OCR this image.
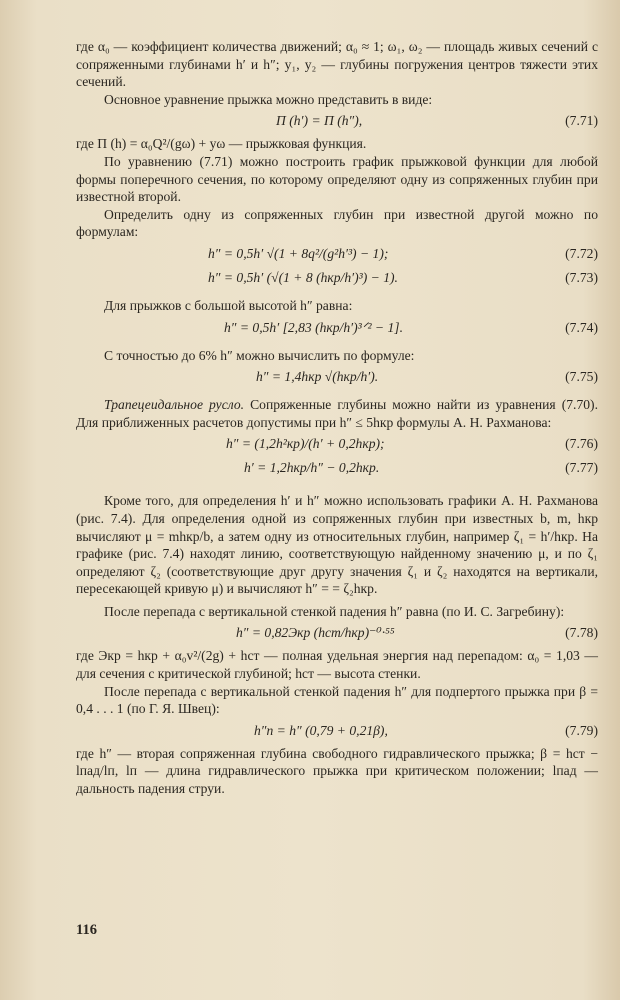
где α₀ — коэффициент количества движений; α₀ ≈ 1; ω₁, ω₂ — площадь живых сечений с сопряженными глубинами h′ и h″; y₁, y₂ — глубины погружения центров тяжести этих сечений.

Основное уравнение прыжка можно представить в виде:

П (h′) = П (h″),	(7.71)

где П (h) = α₀Q²/(gω) + yω — прыжковая функция.

По уравнению (7.71) можно построить график прыжковой функции для любой формы поперечного сечения, по которому определяют одну из сопряженных глубин при известной второй.

Определить одну из сопряженных глубин при известной другой можно по формулам:

h″ = 0,5h′ √(1 + 8q²/(g²h′³) − 1);	(7.72)
h″ = 0,5h′ (√(1 + 8 (hкр/h′)³) − 1).	(7.73)

Для прыжков с большой высотой h″ равна:

h″ = 0,5h′ [2,83 (hкр/h′)³ᐟ² − 1].	(7.74)

С точностью до 6% h″ можно вычислить по формуле:

h″ = 1,4hкр √(hкр/h′).	(7.75)

Трапецеидальное русло. Сопряженные глубины можно найти из уравнения (7.70). Для приближенных расчетов допустимы при h″ ≤ 5hкр формулы А. Н. Рахманова:

h″ = (1,2h²кр)/(h′ + 0,2hкр);	(7.76)
h′ = 1,2hкр/h″ − 0,2hкр.	(7.77)

Кроме того, для определения h′ и h″ можно использовать графики А. Н. Рахманова (рис. 7.4). Для определения одной из сопряженных глубин при известных b, m, hкр вычисляют μ = mhкр/b, а затем одну из относительных глубин, например ζ₁ = h′/hкр. На графике (рис. 7.4) находят линию, соответствующую найденному значению μ, и по ζ₁ определяют ζ₂ (соответствующие друг другу значения ζ₁ и ζ₂ находятся на вертикали, пересекающей кривую μ) и вычисляют h″ = = ζ₂hкр.

После перепада с вертикальной стенкой падения h″ равна (по И. С. Загребину):

h″ = 0,82Экр (hст/hкр)⁻⁰·⁵⁵	(7.78)

где Экр = hкр + α₀v²/(2g) + hст — полная удельная энергия над перепадом: α₀ = 1,03 — для сечения с критической глубиной; hст — высота стенки.

После перепада с вертикальной стенкой падения h″ для подпертого прыжка при β = 0,4 . . . 1 (по Г. Я. Швец):

h″п = h″ (0,79 + 0,21β),	(7.79)

где h″ — вторая сопряженная глубина свободного гидравлического прыжка; β = hст − lпад/lп, lп — длина гидравлического прыжка при критическом положении; lпад — дальность падения струи.

116
